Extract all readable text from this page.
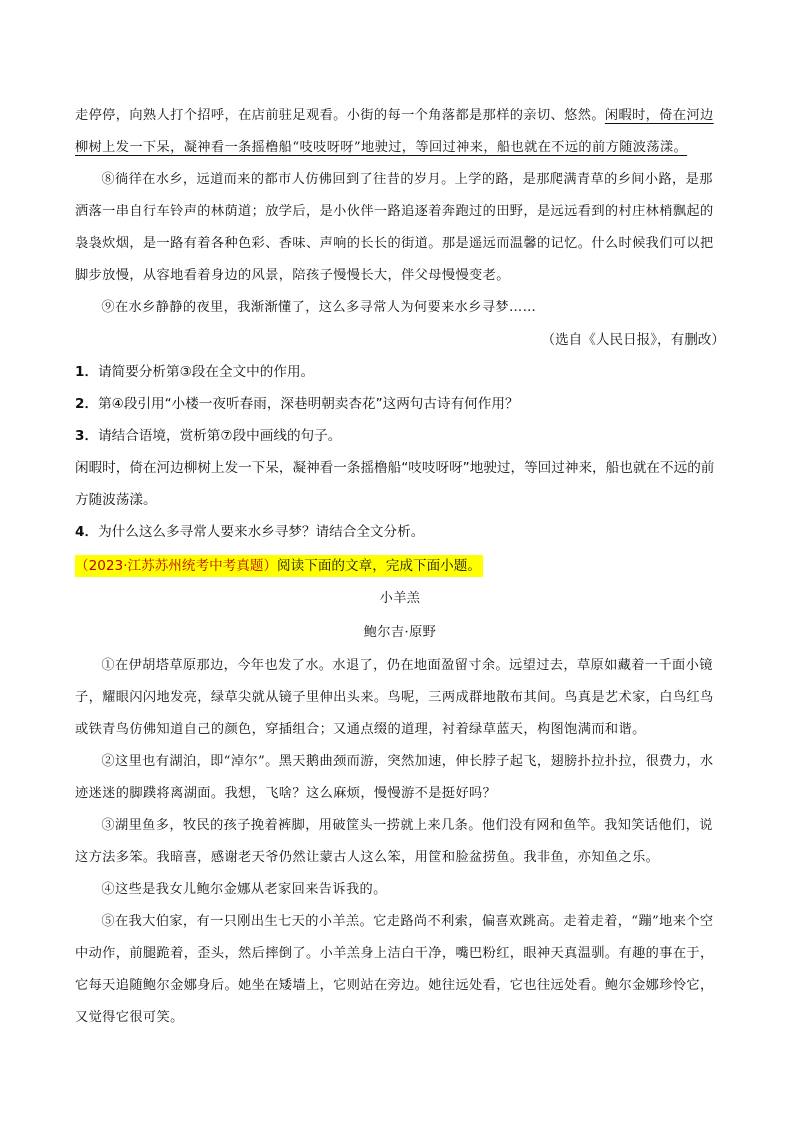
走停停，向熟人打个招呼，在店前驻足观看。小街的每一个角落都是那样的亲切、悠然。闲暇时，倚在河边柳树上发一下呆，凝神看一条摇橹船“吱吱呀呀”地驶过，等回过神来，船也就在不远的前方随波荡漾。

⑧徜徉在水乡，远道而来的都市人仿佛回到了往昔的岁月。上学的路，是那爬满青草的乡间小路，是那洒落一串自行车铃声的林荫道；放学后，是小伙伴一路追逐着奔跑过的田野，是远远看到的村庄林梢飘起的袅袅炊烟，是一路有着各种色彩、香味、声响的长长的街道。那是遥远而温馨的记忆。什么时候我们可以把脚步放慢，从容地看着身边的风景，陪孩子慢慢长大，伴父母慢慢变老。

⑨在水乡静静的夜里，我渐渐懂了，这么多寻常人为何要来水乡寻梦……

（选自《人民日报》，有删改）

1．请简要分析第③段在全文中的作用。

2．第④段引用“小楼一夜听春雨，深巷明朝卖杏花”这两句古诗有何作用？

3．请结合语境，赏析第⑦段中画线的句子。

闲暇时，倚在河边柳树上发一下呆，凝神看一条摇橹船“吱吱呀呀”地驶过，等回过神来，船也就在不远的前方随波荡漾。

4．为什么这么多寻常人要来水乡寻梦？请结合全文分析。

（2023·江苏苏州统考中考真题）阅读下面的文章，完成下面小题。

小羊羔

鲍尔吉·原野

①在伊胡塔草原那边，今年也发了水。水退了，仍在地面盈留寸余。远望过去，草原如藏着一千面小镜子，耀眼闪闪地发亮，绿草尖就从镜子里伸出头来。鸟呢，三两成群地散布其间。鸟真是艺术家，白鸟红鸟或铁青鸟仿佛知道自己的颜色，穿插组合；又通点缀的道理，衬着绿草蓝天，构图饱满而和谐。

②这里也有湖泊，即“淖尔”。黑天鹅曲颈而游，突然加速，伸长脖子起飞，翅膀扑拉扑拉，很费力，水迹迷迷的脚蹼将离湖面。我想，飞啥？这么麻烦，慢慢游不是挺好吗？

③湖里鱼多，牧民的孩子挽着裤脚，用破筐头一捞就上来几条。他们没有网和鱼竿。我知笑话他们，说这方法多笨。我暗喜，感谢老天爷仍然让蒙古人这么笨，用筐和脸盆捞鱼。我非鱼，亦知鱼之乐。

④这些是我女儿鲍尔金娜从老家回来告诉我的。

⑤在我大伯家，有一只刚出生七天的小羊羔。它走路尚不利索，偏喜欢跳高。走着走着，“蹦”地来个空中动作，前腿跪着，歪头，然后摔倒了。小羊羔身上洁白干净，嘴巴粉红，眼神天真温驯。有趣的事在于，它每天追随鲍尔金娜身后。她坐在矮墙上，它则站在旁边。她往远处看，它也往远处看。鲍尔金娜珍怜它，又觉得它很可笑。
